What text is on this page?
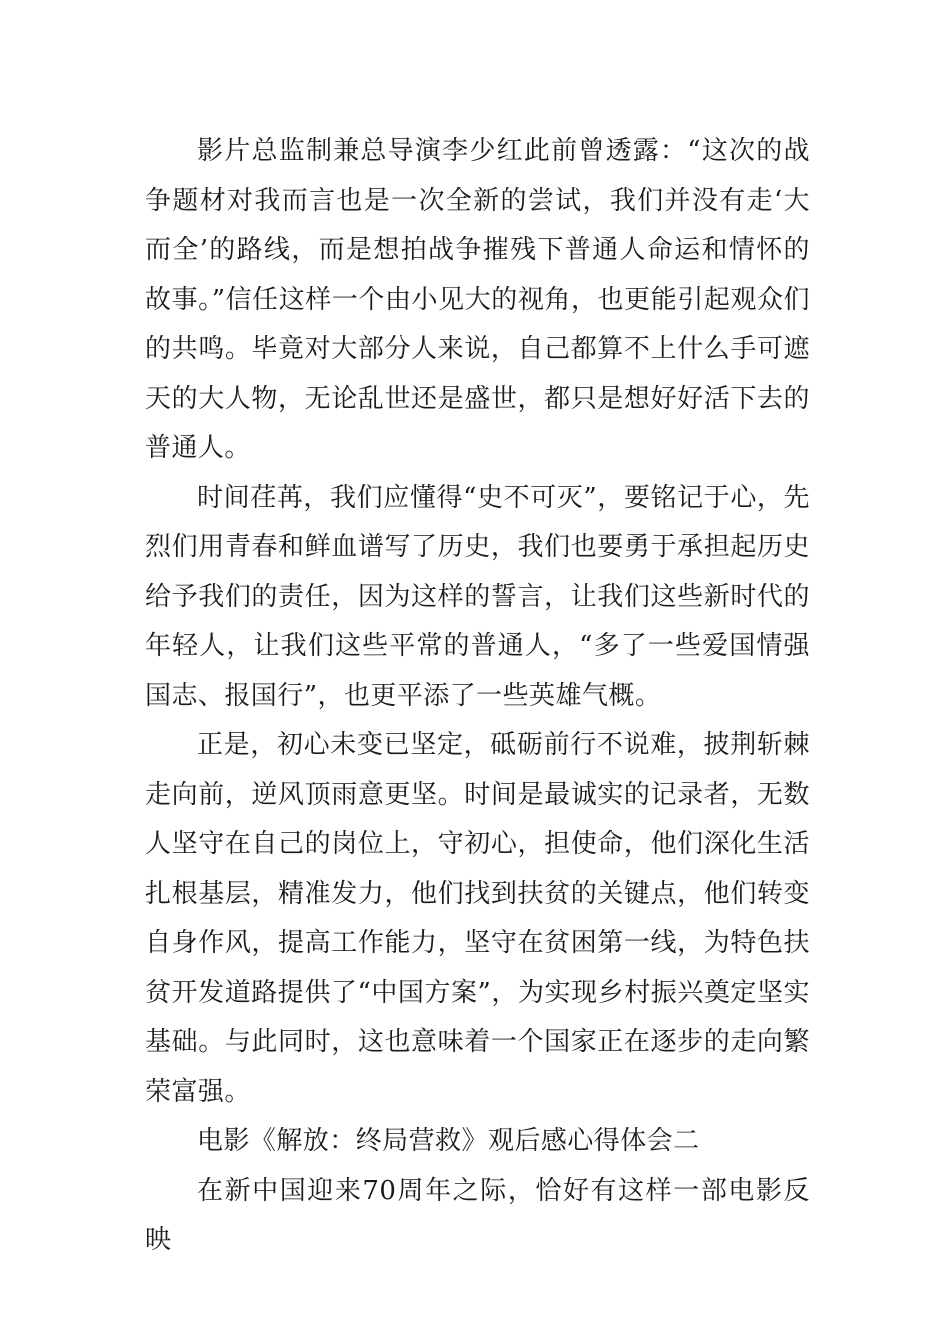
影片总监制兼总导演李少红此前曾透露：“这次的战争题材对我而言也是一次全新的尝试，我们并没有走‘大而全’的路线，而是想拍战争摧残下普通人命运和情怀的故事。”信任这样一个由小见大的视角，也更能引起观众们的共鸣。毕竟对大部分人来说，自己都算不上什么手可遮天的大人物，无论乱世还是盛世，都只是想好好活下去的普通人。

时间荏苒，我们应懂得“史不可灭”，要铭记于心，先烈们用青春和鲜血谱写了历史，我们也要勇于承担起历史给予我们的责任，因为这样的誓言，让我们这些新时代的年轻人，让我们这些平常的普通人，“多了一些爱国情强国志、报国行”，也更平添了一些英雄气概。

正是，初心未变已坚定，砥砺前行不说难，披荆斩棘走向前，逆风顶雨意更坚。时间是最诚实的记录者，无数人坚守在自己的岗位上，守初心，担使命，他们深化生活扎根基层，精准发力，他们找到扶贫的关键点，他们转变自身作风，提高工作能力，坚守在贫困第一线，为特色扶贫开发道路提供了“中国方案”，为实现乡村振兴奠定坚实基础。与此同时，这也意味着一个国家正在逐步的走向繁荣富强。

电影《解放：终局营救》观后感心得体会二

在新中国迎来70周年之际，恰好有这样一部电影反映
